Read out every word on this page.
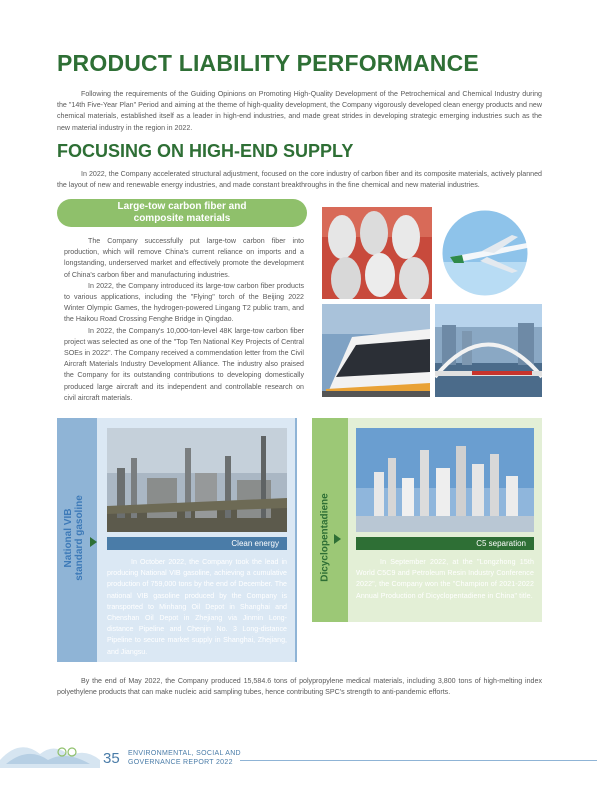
PRODUCT LIABILITY PERFORMANCE

Following the requirements of the Guiding Opinions on Promoting High-Quality Development of the Petrochemical and Chemical Industry during the "14th Five-Year Plan" Period and aiming at the theme of high-quality development, the Company vigorously developed clean energy products and new chemical materials, established itself as a leader in high-end industries, and made great strides in developing strategic emerging industries such as the new material industry in the region in 2022.

FOCUSING ON HIGH-END SUPPLY

In 2022, the Company accelerated structural adjustment, focused on the core industry of carbon fiber and its composite materials, actively planned the layout of new and renewable energy industries, and made constant breakthroughs in the fine chemical and new material industries.

Large-tow carbon fiber and composite materials

The Company successfully put large-tow carbon fiber into production, which will remove China's current reliance on imports and a longstanding, underserved market and effectively promote the development of China's carbon fiber and manufacturing industries.

In 2022, the Company introduced its large-tow carbon fiber products to various applications, including the "Flying" torch of the Beijing 2022 Winter Olympic Games, the hydrogen-powered Lingang T2 public tram, and the Haikou Road Crossing Fenghe Bridge in Qingdao.

In 2022, the Company's 10,000-ton-level 48K large-tow carbon fiber project was selected as one of the "Top Ten National Key Projects of Central SOEs in 2022". The Company received a commendation letter from the Civil Aircraft Materials Industry Development Alliance. The industry also praised the Company for its outstanding contributions to developing domestically produced large aircraft and its independent and controllable research on civil aircraft materials.

National VIB standard gasoline	Clean energy

In October 2022, the Company took the lead in producing National VIB gasoline, achieving a cumulative production of 759,000 tons by the end of December. The national VIB gasoline produced by the Company is transported to Minhang Oil Depot in Shanghai and Chenshan Oil Depot in Zhejiang via Jinmin Long-distance Pipeline and Chenjin No. 3 Long-distance Pipeline to secure market supply in Shanghai, Zhejiang, and Jiangsu.

Dicyclopentadiene	C5 separation

In September 2022, at the "Longzhong 15th World C5C9 and Petroleum Resin Industry Conference 2022", the Company won the "Champion of 2021-2022 Annual Production of Dicyclopentadiene in China" title.

By the end of May 2022, the Company produced 15,584.6 tons of polypropylene medical materials, including 3,800 tons of high-melting index polyethylene products that can make nucleic acid sampling tubes, hence contributing SPC's strength to anti-pandemic efforts.

35 ENVIRONMENTAL, SOCIAL AND
GOVERNANCE REPORT 2022
